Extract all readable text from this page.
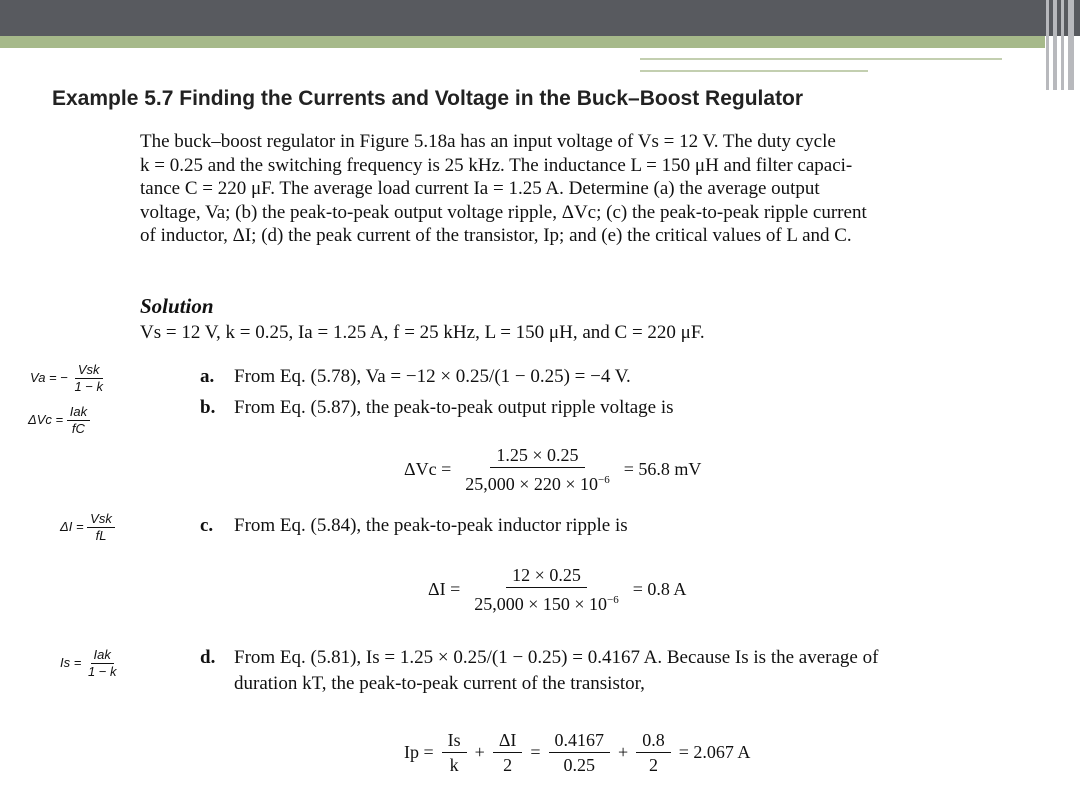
Example 5.7 Finding the Currents and Voltage in the Buck–Boost Regulator
The buck–boost regulator in Figure 5.18a has an input voltage of Vs = 12 V. The duty cycle
k = 0.25 and the switching frequency is 25 kHz. The inductance L = 150 μH and filter capaci-
tance C = 220 μF. The average load current Ia = 1.25 A. Determine (a) the average output
voltage, Va; (b) the peak-to-peak output voltage ripple, ΔVc; (c) the peak-to-peak ripple current
of inductor, ΔI; (d) the peak current of the transistor, Ip; and (e) the critical values of L and C.
Solution
Vs = 12 V, k = 0.25, Ia = 1.25 A, f = 25 kHz, L = 150 μH, and C = 220 μF.
a. From Eq. (5.78), Va = −12 × 0.25/(1 − 0.25) = −4 V.
b. From Eq. (5.87), the peak-to-peak output ripple voltage is
$\Delta Vc = \frac{1.25 \times 0.25}{25,000 \times 220 \times 10^{-6}} = 56.8$ mV
c. From Eq. (5.84), the peak-to-peak inductor ripple is
$\Delta I = \frac{12 \times 0.25}{25,000 \times 150 \times 10^{-6}} = 0.8$ A
d. From Eq. (5.81), Is = 1.25 × 0.25/(1 − 0.25) = 0.4167 A. Because Is is the average of
duration kT, the peak-to-peak current of the transistor,
$Ip = \frac{Is}{k} + \frac{\Delta I}{2} = \frac{0.4167}{0.25} + \frac{0.8}{2} = 2.067$ A
Va = − $\frac{\text{Vsk}}{1 - k}$
$\Delta Vc = \frac{\text{Iak}}{fC}$
$\Delta I = \frac{\text{Vsk}}{fL}$
$Is = \frac{\text{Iak}}{1 - k}$
